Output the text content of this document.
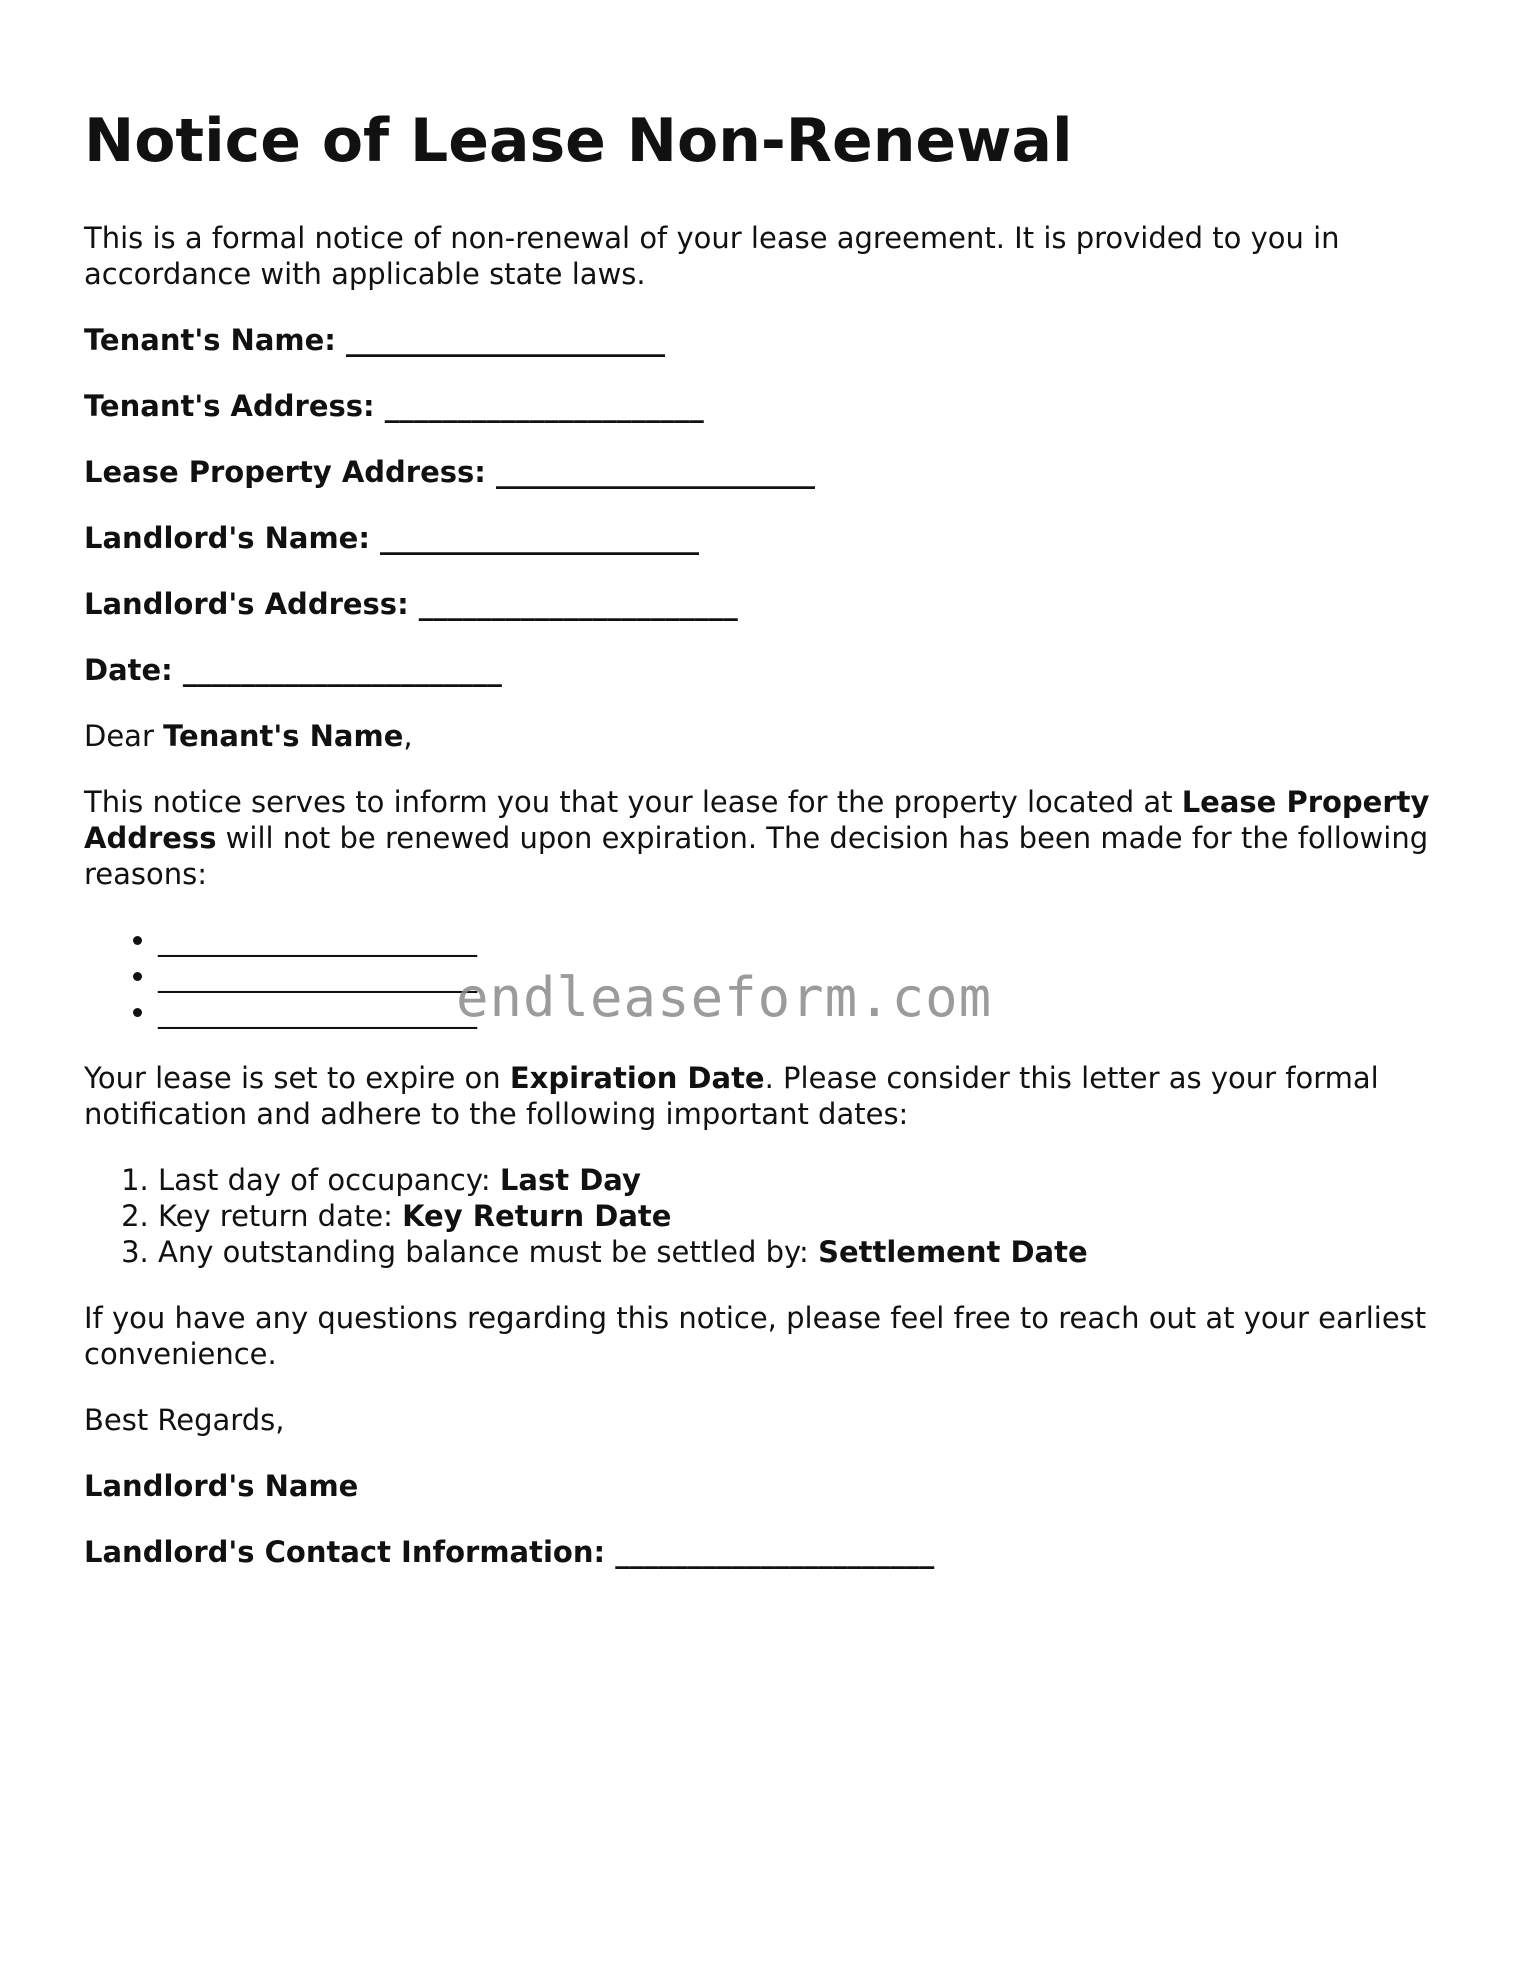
Notice of Lease Non-Renewal

This is a formal notice of non-renewal of your lease agreement. It is provided to you in accordance with applicable state laws.

Tenant's Name: ______________________

Tenant's Address: ______________________

Lease Property Address: ______________________

Landlord's Name: ______________________

Landlord's Address: ______________________

Date: ______________________

Dear Tenant's Name,

This notice serves to inform you that your lease for the property located at Lease Property Address will not be renewed upon expiration. The decision has been made for the following reasons:

• ______________________
• ______________________
• ______________________

Your lease is set to expire on Expiration Date. Please consider this letter as your formal notification and adhere to the following important dates:

1. Last day of occupancy: Last Day
2. Key return date: Key Return Date
3. Any outstanding balance must be settled by: Settlement Date

If you have any questions regarding this notice, please feel free to reach out at your earliest convenience.

Best Regards,

Landlord's Name

Landlord's Contact Information: ______________________

endleaseform.com
